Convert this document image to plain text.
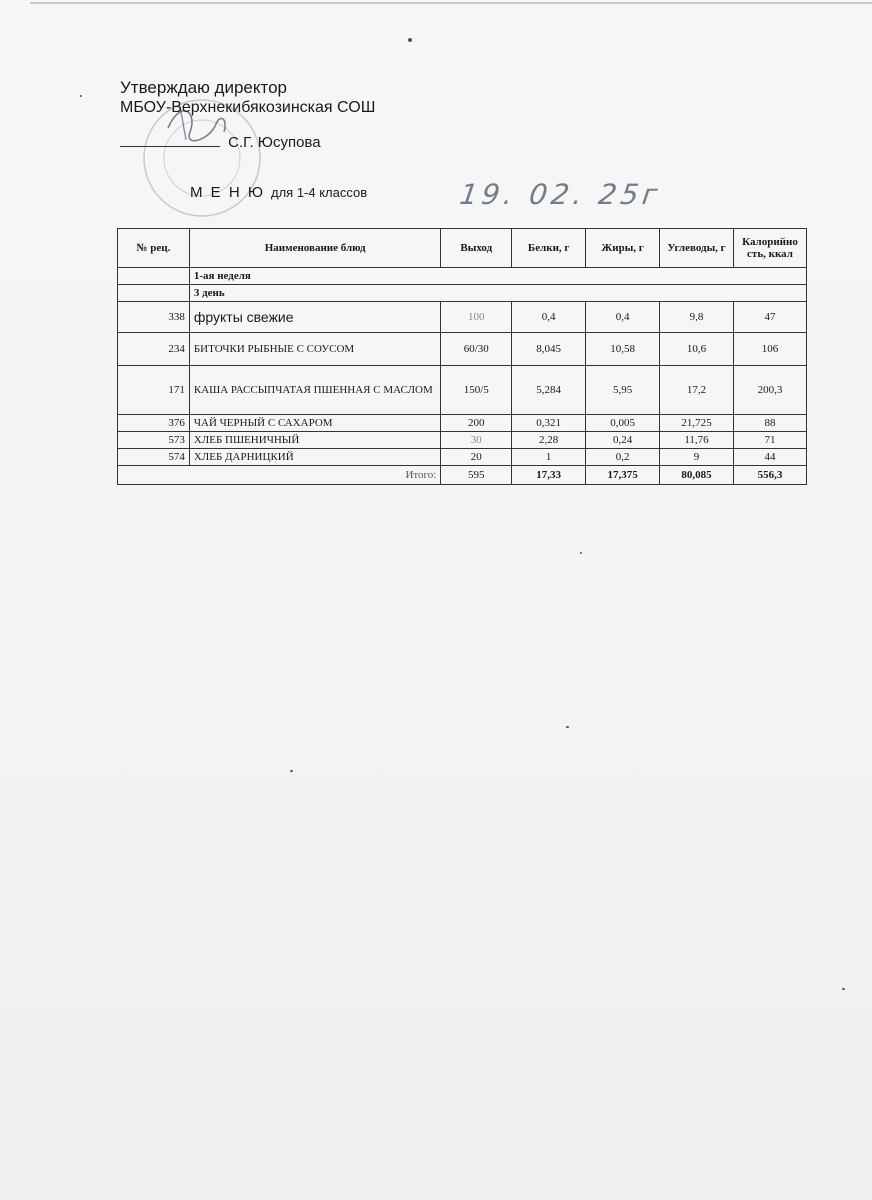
Утверждаю директор

МБОУ-Верхнекибякозинская СОШ

С.Г. Юсупова
М Е Н Ю для 1-4 классов	19. 02. 25г
№ рец.	Наименование блюд	Выход	Белки, г	Жиры, г	Углеводы, г	Калорийно сть, ккал
	1-ая неделя					
	3 день					
338	фрукты свежие	100	0,4	0,4	9,8	47
234	БИТОЧКИ РЫБНЫЕ С СОУСОМ	60/30	8,045	10,58	10,6	106
171	КАША РАССЫПЧАТАЯ ПШЕННАЯ С МАСЛОМ	150/5	5,284	5,95	17,2	200,3
376	ЧАЙ ЧЕРНЫЙ С САХАРОМ	200	0,321	0,005	21,725	88
573	ХЛЕБ ПШЕНИЧНЫЙ	30	2,28	0,24	11,76	71
574	ХЛЕБ ДАРНИЦКИЙ	20	1	0,2	9	44
Итого:		595	17,33	17,375	80,085	556,3
